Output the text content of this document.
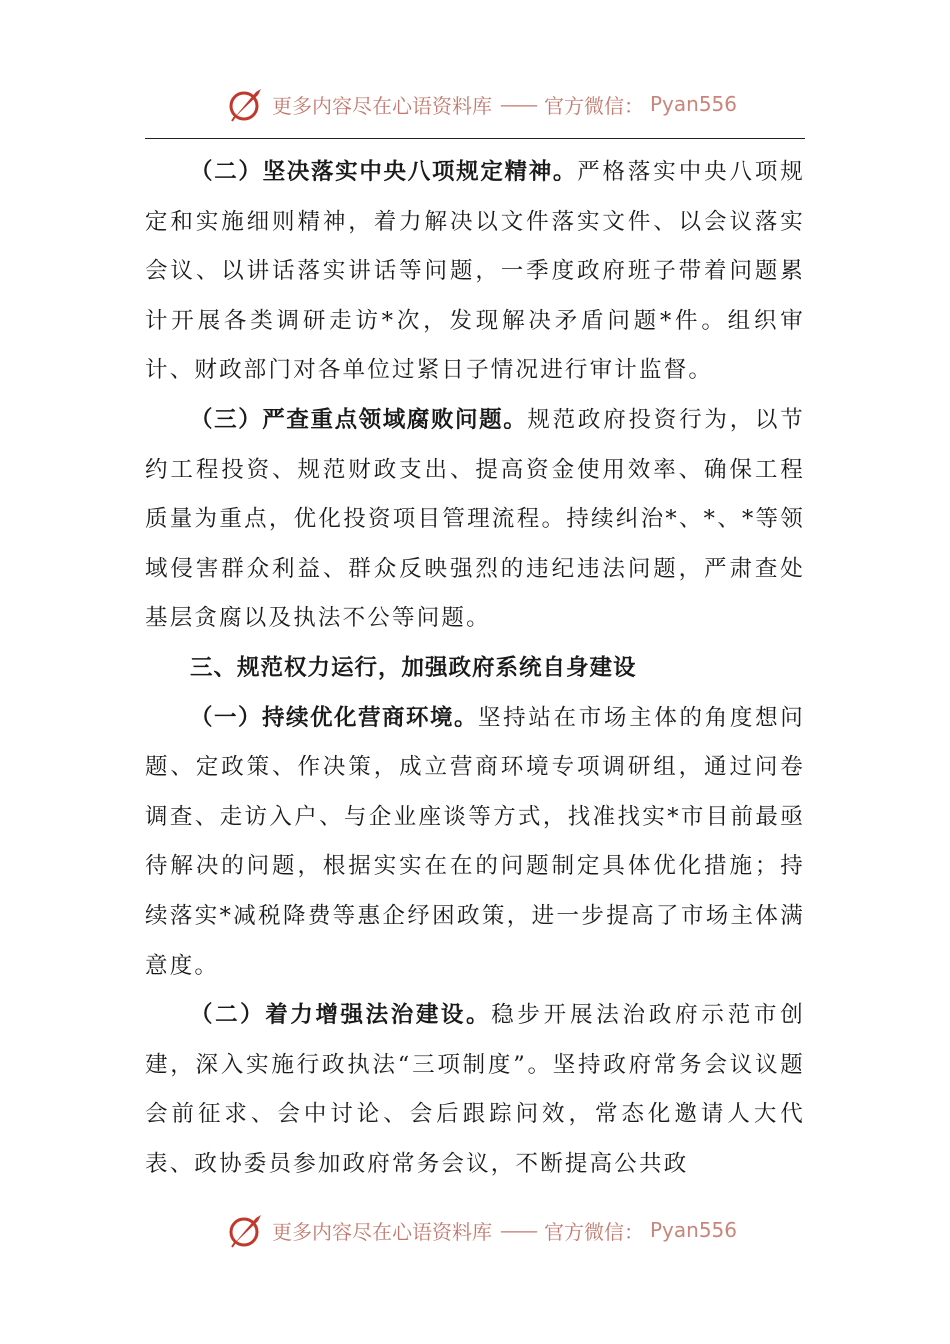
更多内容尽在心语资料库 —— 官方微信： Pyan556

（二）坚决落实中央八项规定精神。严格落实中央八项规定和实施细则精神，着力解决以文件落实文件、以会议落实会议、以讲话落实讲话等问题，一季度政府班子带着问题累计开展各类调研走访*次，发现解决矛盾问题*件。组织审计、财政部门对各单位过紧日子情况进行审计监督。

（三）严查重点领域腐败问题。规范政府投资行为，以节约工程投资、规范财政支出、提高资金使用效率、确保工程质量为重点，优化投资项目管理流程。持续纠治*、*、*等领域侵害群众利益、群众反映强烈的违纪违法问题，严肃查处基层贪腐以及执法不公等问题。

三、规范权力运行，加强政府系统自身建设

（一）持续优化营商环境。坚持站在市场主体的角度想问题、定政策、作决策，成立营商环境专项调研组，通过问卷调查、走访入户、与企业座谈等方式，找准找实*市目前最亟待解决的问题，根据实实在在的问题制定具体优化措施；持续落实*减税降费等惠企纾困政策，进一步提高了市场主体满意度。

（二）着力增强法治建设。稳步开展法治政府示范市创建，深入实施行政执法“三项制度”。坚持政府常务会议议题会前征求、会中讨论、会后跟踪问效，常态化邀请人大代表、政协委员参加政府常务会议，不断提高公共政

更多内容尽在心语资料库 —— 官方微信： Pyan556
